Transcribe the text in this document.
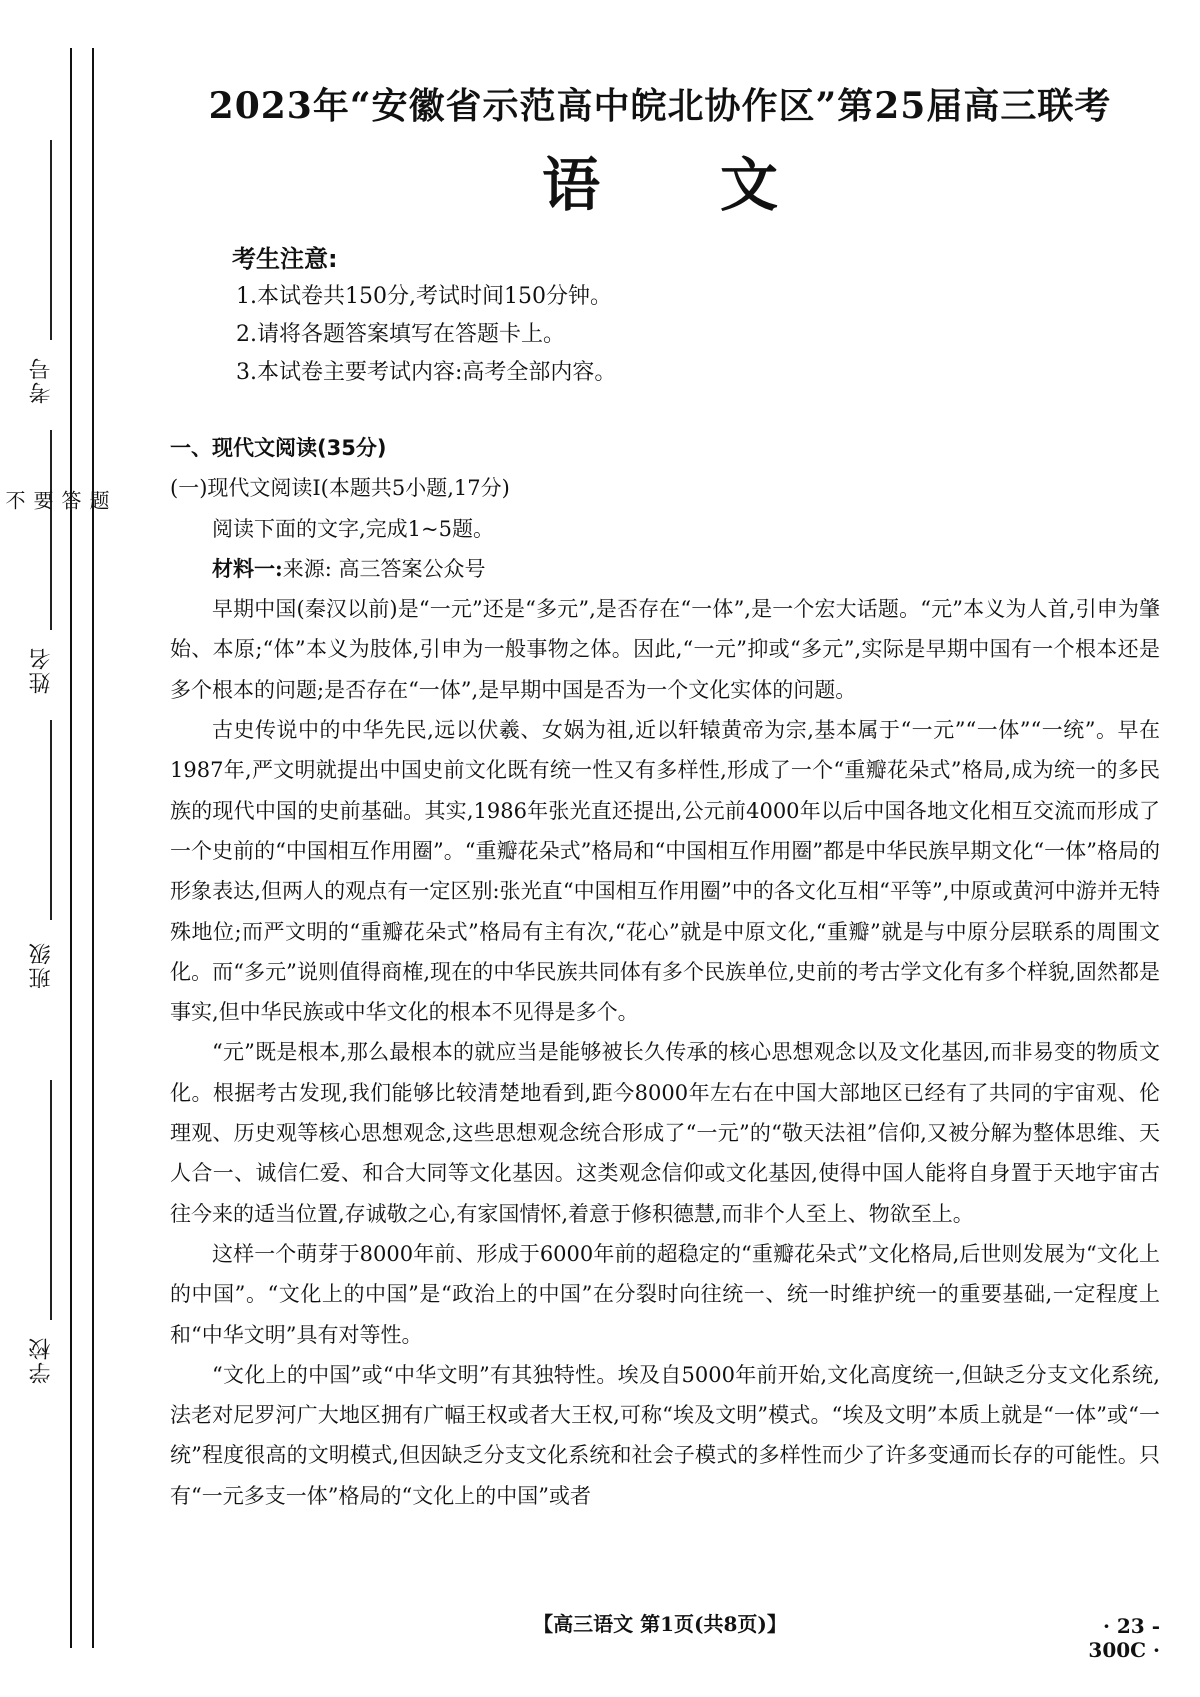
考号
姓名
班级
学校
题
答
要
不
2023年“安徽省示范高中皖北协作区”第25届高三联考
语文
考生注意:
1.本试卷共150分,考试时间150分钟。
2.请将各题答案填写在答题卡上。
3.本试卷主要考试内容:高考全部内容。
一、现代文阅读(35分)
(一)现代文阅读Ⅰ(本题共5小题,17分)
阅读下面的文字,完成1~5题。
材料一:来源: 高三答案公众号

早期中国(秦汉以前)是“一元”还是“多元”,是否存在“一体”,是一个宏大话题。“元”本义为人首,引申为肇始、本原;“体”本义为肢体,引申为一般事物之体。因此,“一元”抑或“多元”,实际是早期中国有一个根本还是多个根本的问题;是否存在“一体”,是早期中国是否为一个文化实体的问题。

古史传说中的中华先民,远以伏羲、女娲为祖,近以轩辕黄帝为宗,基本属于“一元”“一体”“一统”。早在1987年,严文明就提出中国史前文化既有统一性又有多样性,形成了一个“重瓣花朵式”格局,成为统一的多民族的现代中国的史前基础。其实,1986年张光直还提出,公元前4000年以后中国各地文化相互交流而形成了一个史前的“中国相互作用圈”。“重瓣花朵式”格局和“中国相互作用圈”都是中华民族早期文化“一体”格局的形象表达,但两人的观点有一定区别:张光直“中国相互作用圈”中的各文化互相“平等”,中原或黄河中游并无特殊地位;而严文明的“重瓣花朵式”格局有主有次,“花心”就是中原文化,“重瓣”就是与中原分层联系的周围文化。而“多元”说则值得商榷,现在的中华民族共同体有多个民族单位,史前的考古学文化有多个样貌,固然都是事实,但中华民族或中华文化的根本不见得是多个。

“元”既是根本,那么最根本的就应当是能够被长久传承的核心思想观念以及文化基因,而非易变的物质文化。根据考古发现,我们能够比较清楚地看到,距今8000年左右在中国大部地区已经有了共同的宇宙观、伦理观、历史观等核心思想观念,这些思想观念统合形成了“一元”的“敬天法祖”信仰,又被分解为整体思维、天人合一、诚信仁爱、和合大同等文化基因。这类观念信仰或文化基因,使得中国人能将自身置于天地宇宙古往今来的适当位置,存诚敬之心,有家国情怀,着意于修积德慧,而非个人至上、物欲至上。

这样一个萌芽于8000年前、形成于6000年前的超稳定的“重瓣花朵式”文化格局,后世则发展为“文化上的中国”。“文化上的中国”是“政治上的中国”在分裂时向往统一、统一时维护统一的重要基础,一定程度上和“中华文明”具有对等性。

“文化上的中国”或“中华文明”有其独特性。埃及自5000年前开始,文化高度统一,但缺乏分支文化系统,法老对尼罗河广大地区拥有广幅王权或者大王权,可称“埃及文明”模式。“埃及文明”本质上就是“一体”或“一统”程度很高的文明模式,但因缺乏分支文化系统和社会子模式的多样性而少了许多变通而长存的可能性。只有“一元多支一体”格局的“文化上的中国”或者

【高三语文 第1页(共8页)】	· 23 - 300C ·
